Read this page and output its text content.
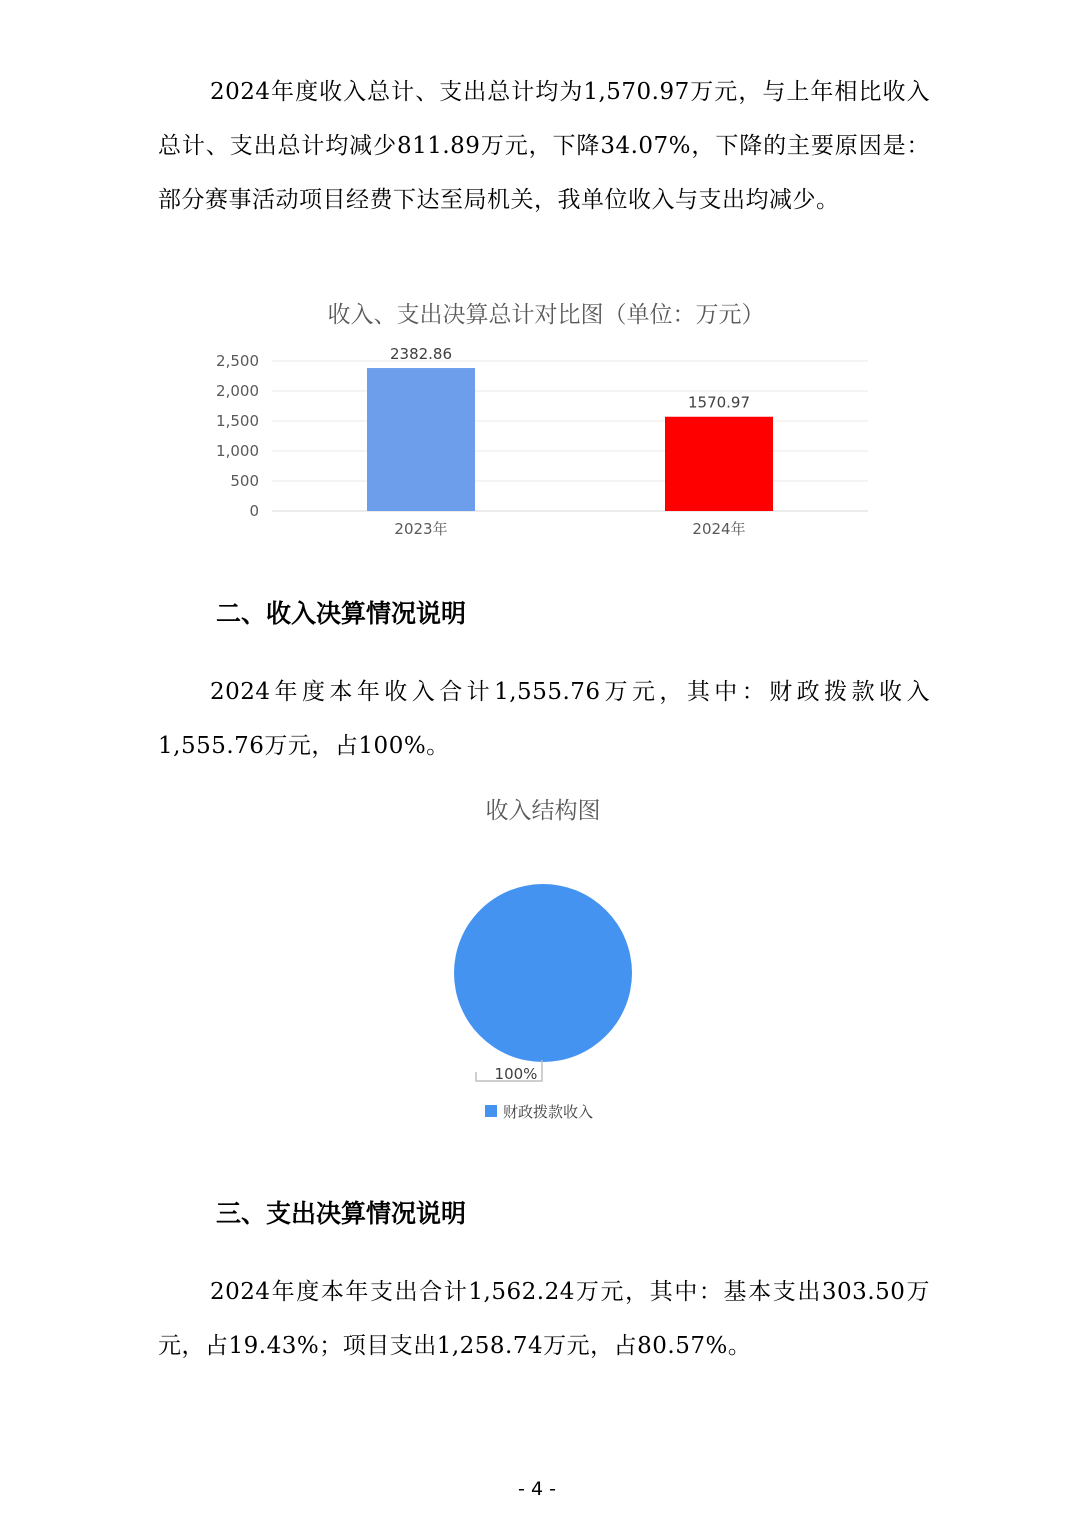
2024年度收入总计、支出总计均为1,570.97万元，与上年相比收入总计、支出总计均减少811.89万元，下降34.07%，下降的主要原因是：部分赛事活动项目经费下达至局机关，我单位收入与支出均减少。

收入、支出决算总计对比图（单位：万元）
0
500
1,000
1,500
2,000
2,500	2382.86
1570.97
2023年	2024年
二、收入决算情况说明

2024年度本年收入合计1,555.76万元，其中：财政拨款收入1,555.76万元，占100%。

收入结构图
100%
财政拨款收入
三、支出决算情况说明

2024年度本年支出合计1,562.24万元，其中：基本支出303.50万元，占19.43%；项目支出1,258.74万元，占80.57%。

- 4 -
